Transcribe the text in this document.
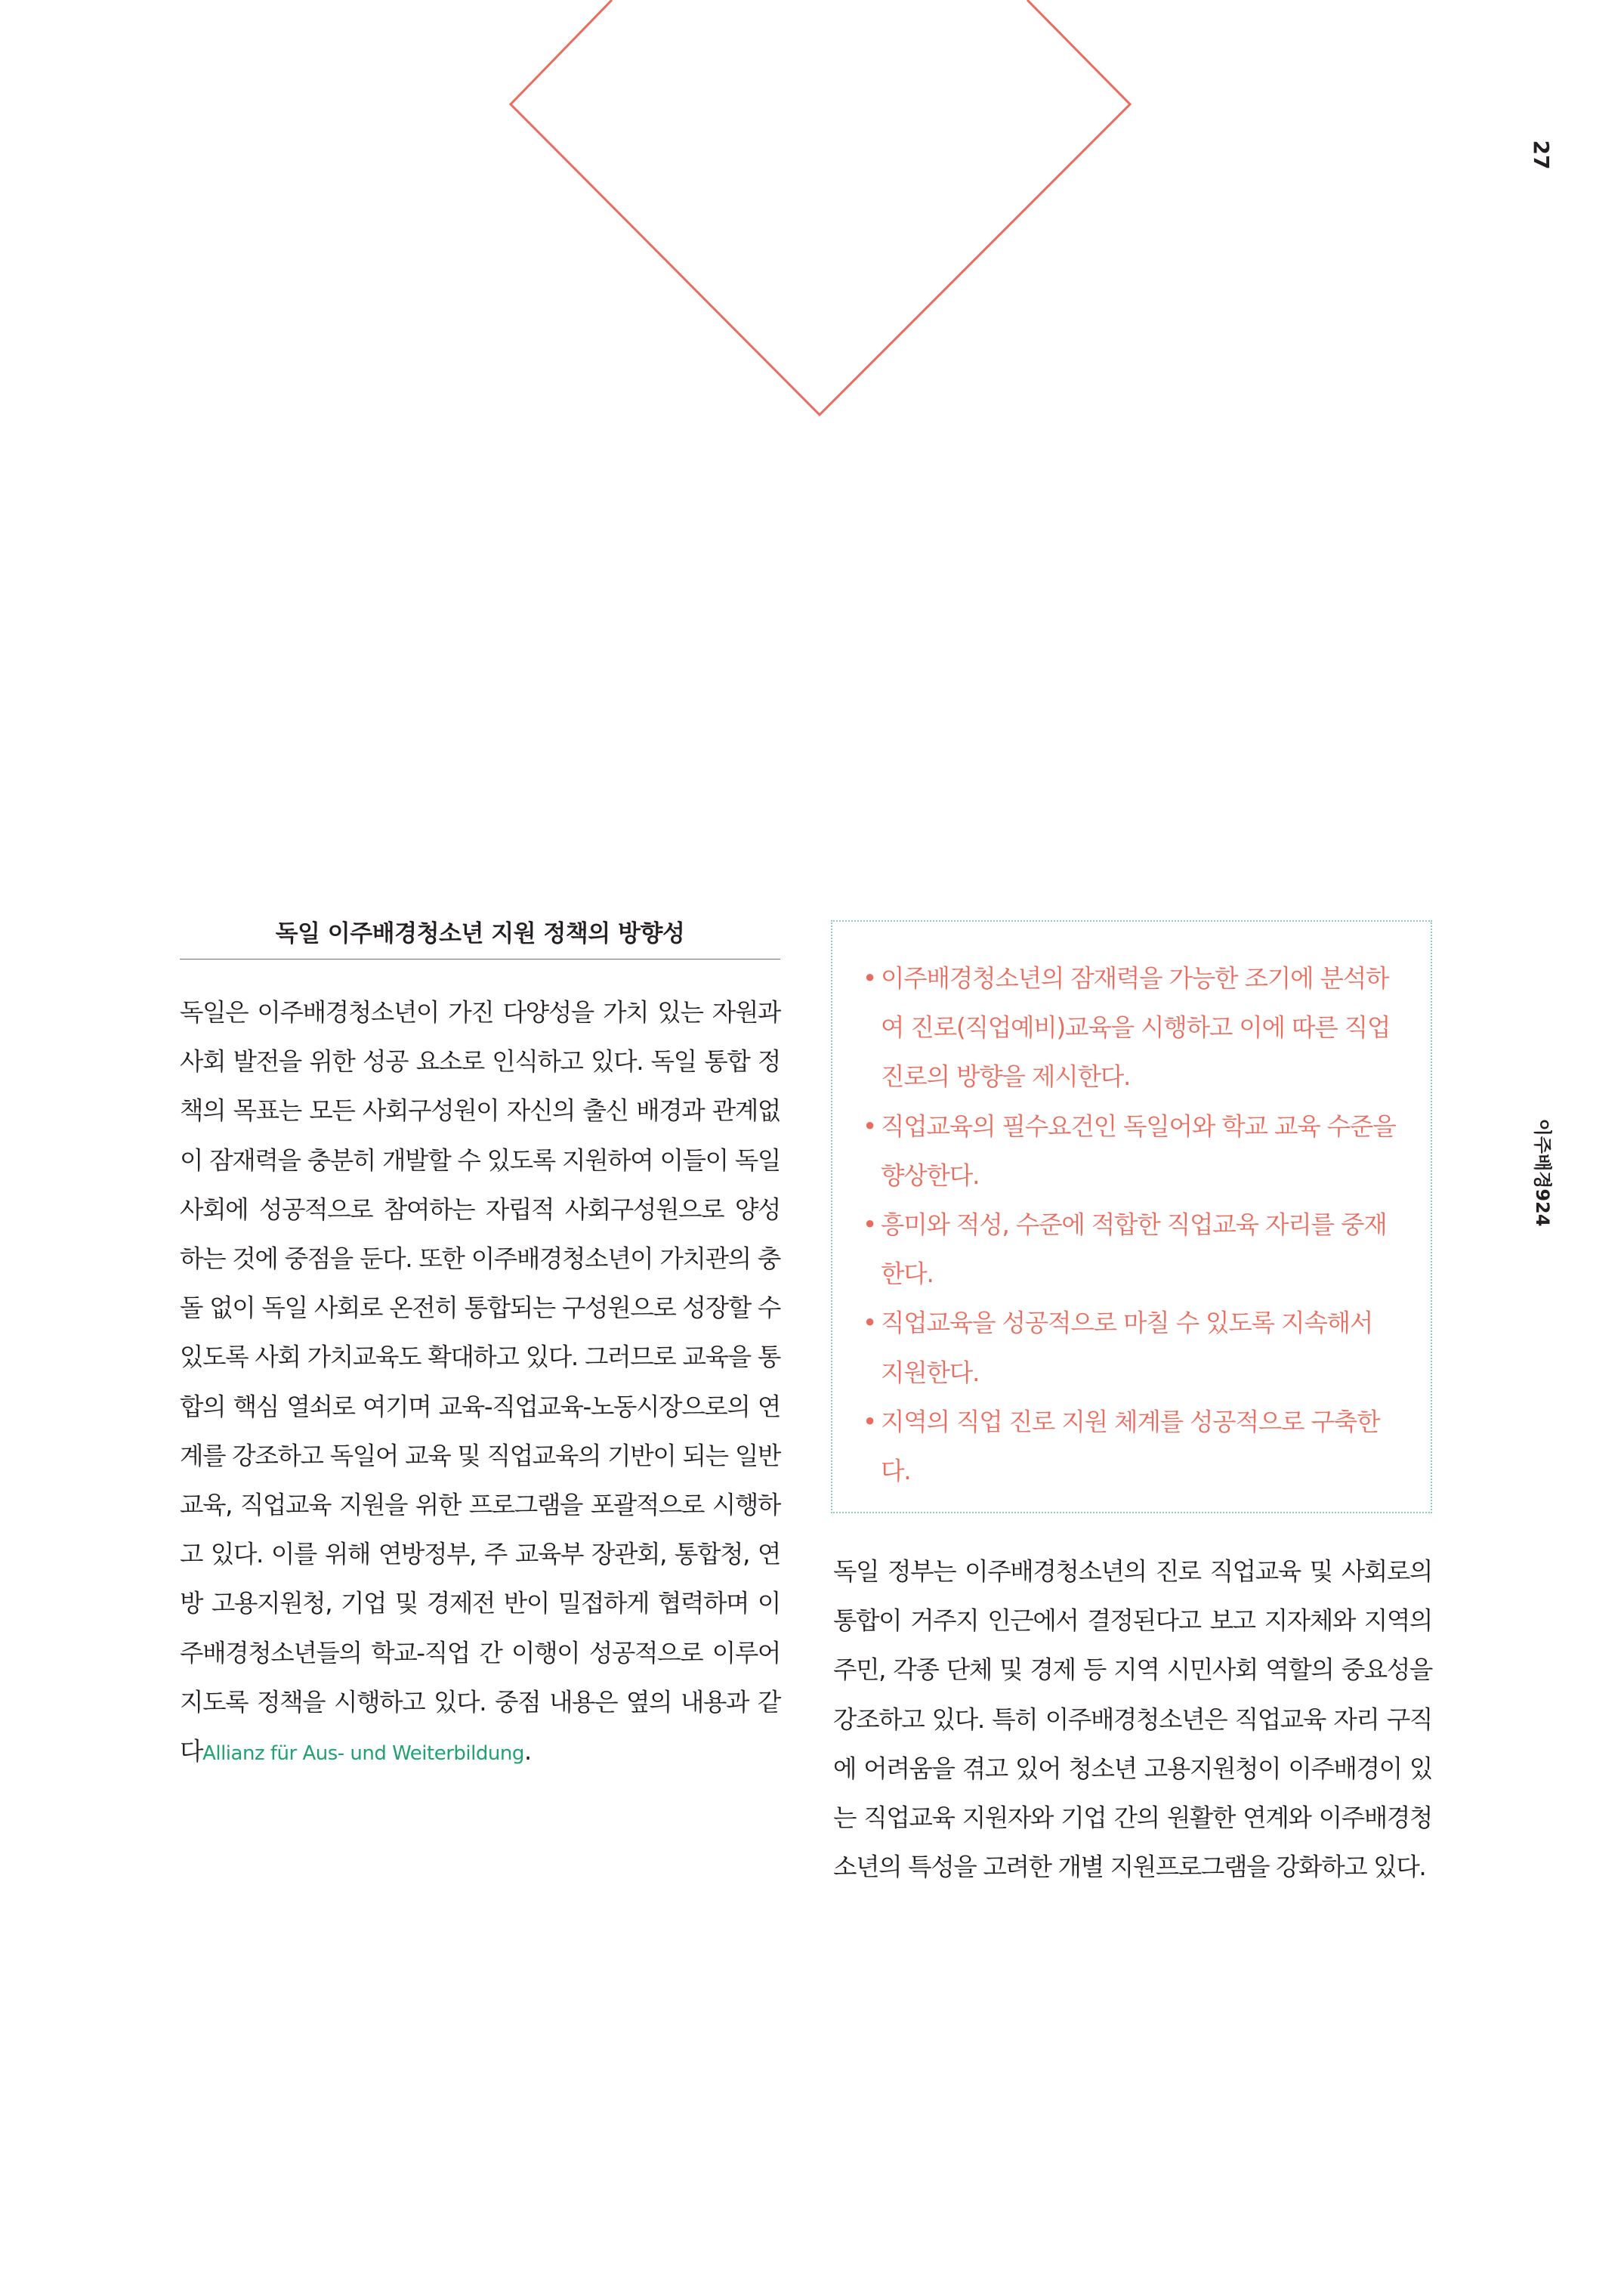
27
이주배경924
독일 이주배경청소년 지원 정책의 방향성

독일은 이주배경청소년이 가진 다양성을 가치 있는 자원과 사회 발전을 위한 성공 요소로 인식하고 있다. 독일 통합 정책의 목표는 모든 사회구성원이 자신의 출신 배경과 관계없이 잠재력을 충분히 개발할 수 있도록 지원하여 이들이 독일 사회에 성공적으로 참여하는 자립적 사회구성원으로 양성하는 것에 중점을 둔다. 또한 이주배경청소년이 가치관의 충돌 없이 독일 사회로 온전히 통합되는 구성원으로 성장할 수 있도록 사회 가치교육도 확대하고 있다. 그러므로 교육을 통합의 핵심 열쇠로 여기며 교육-직업교육-노동시장으로의 연계를 강조하고 독일어 교육 및 직업교육의 기반이 되는 일반교육, 직업교육 지원을 위한 프로그램을 포괄적으로 시행하고 있다. 이를 위해 연방정부, 주 교육부 장관회, 통합청, 연방 고용지원청, 기업 및 경제전 반이 밀접하게 협력하며 이주배경청소년들의 학교-직업 간 이행이 성공적으로 이루어지도록 정책을 시행하고 있다. 중점 내용은 옆의 내용과 같다Allianz für Aus- und Weiterbildung.

• 이주배경청소년의 잠재력을 가능한 조기에 분석하여 진로(직업예비)교육을 시행하고 이에 따른 직업 진로의 방향을 제시한다.
• 직업교육의 필수요건인 독일어와 학교 교육 수준을 향상한다.
• 흥미와 적성, 수준에 적합한 직업교육 자리를 중재한다.
• 직업교육을 성공적으로 마칠 수 있도록 지속해서 지원한다.
• 지역의 직업 진로 지원 체계를 성공적으로 구축한다.

독일 정부는 이주배경청소년의 진로 직업교육 및 사회로의 통합이 거주지 인근에서 결정된다고 보고 지자체와 지역의 주민, 각종 단체 및 경제 등 지역 시민사회 역할의 중요성을 강조하고 있다. 특히 이주배경청소년은 직업교육 자리 구직에 어려움을 겪고 있어 청소년 고용지원청이 이주배경이 있는 직업교육 지원자와 기업 간의 원활한 연계와 이주배경청소년의 특성을 고려한 개별 지원프로그램을 강화하고 있다.
